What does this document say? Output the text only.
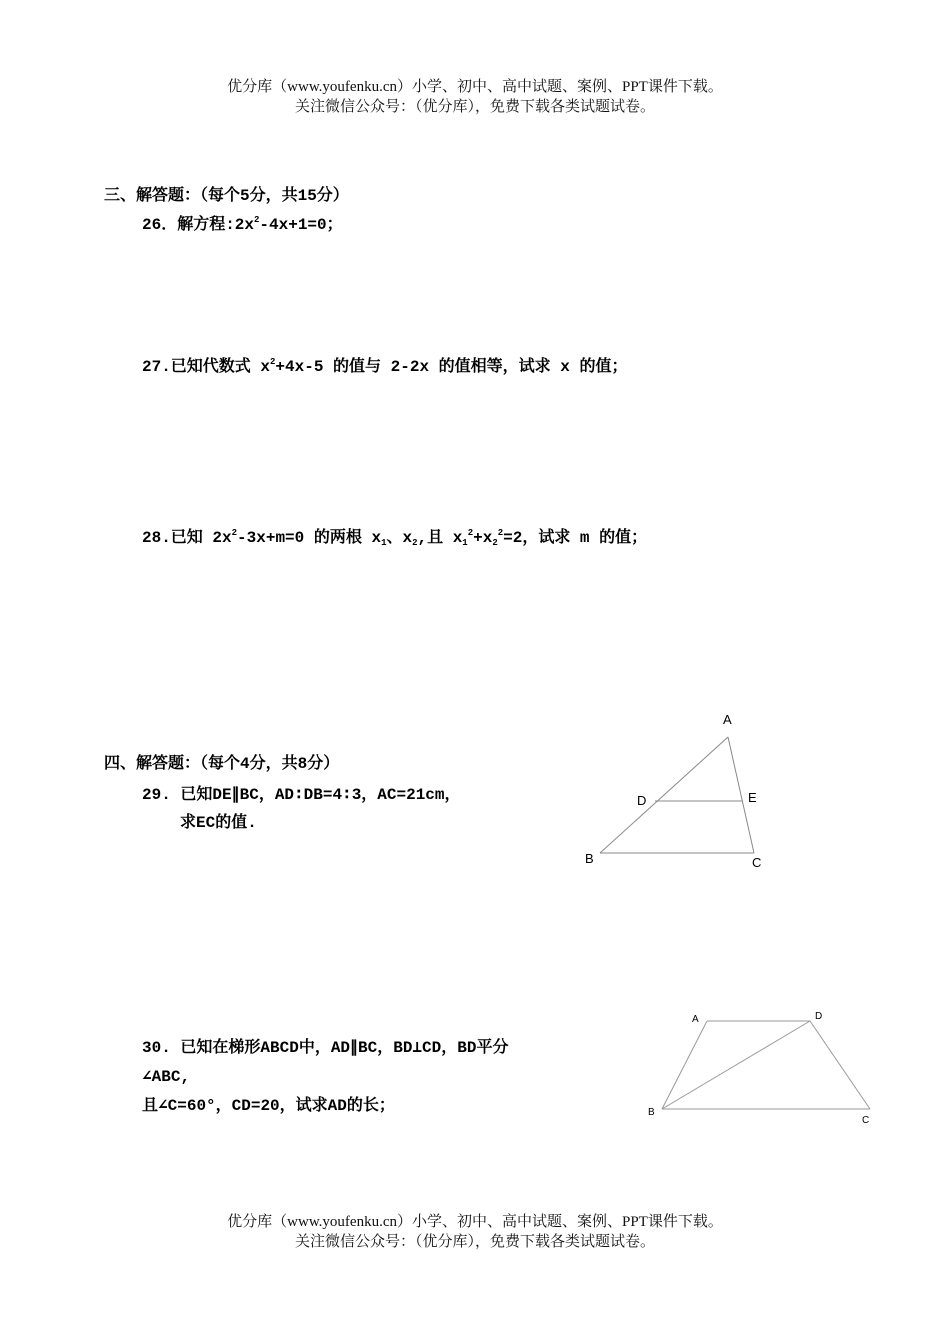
优分库（www.youfenku.cn）小学、初中、高中试题、案例、PPT课件下载。
关注微信公众号：（优分库），免费下载各类试题试卷。
三、解答题：（每个5分，共15分）
26．解方程$:2x^2-4x+1=0$；
27.已知代数式 $x^2+4x-5$ 的值与 2-2x 的值相等，试求 x 的值；
28.已知 $2x^2-3x+m=0$ 的两根 $x_1$、$x_2$,且 $x_1^2+x_2^2=2$，试求 m 的值；
四、解答题：（每个4分，共8分）
29. 已知DE∥BC，AD∶DB=4∶3，AC=21cm，
求EC的值.
A
B	C
D	E
30. 已知在梯形ABCD中，AD∥BC，BD⊥CD，BD平分
∠ABC,
且∠C=60°，CD=20，试求AD的长；
A
B
C
D
优分库（www.youfenku.cn）小学、初中、高中试题、案例、PPT课件下载。
关注微信公众号：（优分库），免费下载各类试题试卷。
